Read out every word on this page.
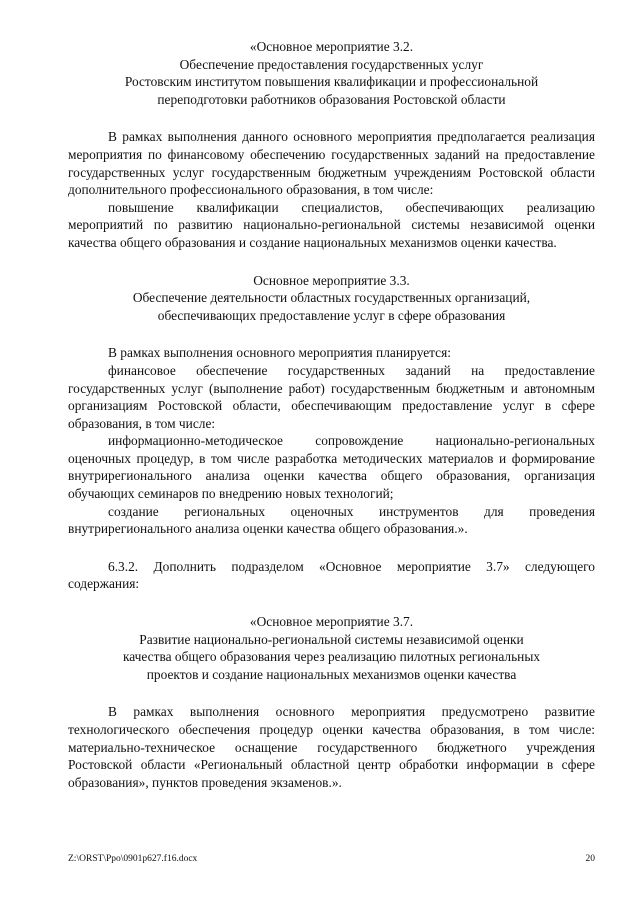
«Основное мероприятие 3.2.

Обеспечение предоставления государственных услуг

Ростовским институтом повышения квалификации и профессиональной

переподготовки работников образования Ростовской области

В рамках выполнения данного основного мероприятия предполагается реализация мероприятия по финансовому обеспечению государственных заданий на предоставление государственных услуг государственным бюджетным учреждениям Ростовской области дополнительного профессионального образования, в том числе:

повышение квалификации специалистов, обеспечивающих реализацию мероприятий по развитию национально-региональной системы независимой оценки качества общего образования и создание национальных механизмов оценки качества.

Основное мероприятие 3.3.

Обеспечение деятельности областных государственных организаций,

обеспечивающих предоставление услуг в сфере образования

В рамках выполнения основного мероприятия планируется:

финансовое обеспечение государственных заданий на предоставление государственных услуг (выполнение работ) государственным бюджетным и автономным организациям Ростовской области, обеспечивающим предоставление услуг в сфере образования, в том числе:

информационно-методическое сопровождение национально-региональных оценочных процедур, в том числе разработка методических материалов и формирование внутрирегионального анализа оценки качества общего образования, организация обучающих семинаров по внедрению новых технологий;

создание региональных оценочных инструментов для проведения внутрирегионального анализа оценки качества общего образования.».

6.3.2. Дополнить подразделом «Основное мероприятие 3.7» следующего содержания:

«Основное мероприятие 3.7.

Развитие национально-региональной системы независимой оценки

качества общего образования через реализацию пилотных региональных

проектов и создание национальных механизмов оценки качества

В рамках выполнения основного мероприятия предусмотрено развитие технологического обеспечения процедур оценки качества образования, в том числе: материально-техническое оснащение государственного бюджетного учреждения Ростовской области «Региональный областной центр обработки информации в сфере образования», пунктов проведения экзаменов.».

Z:\ORST\Ppo\0901p627.f16.docx	20
